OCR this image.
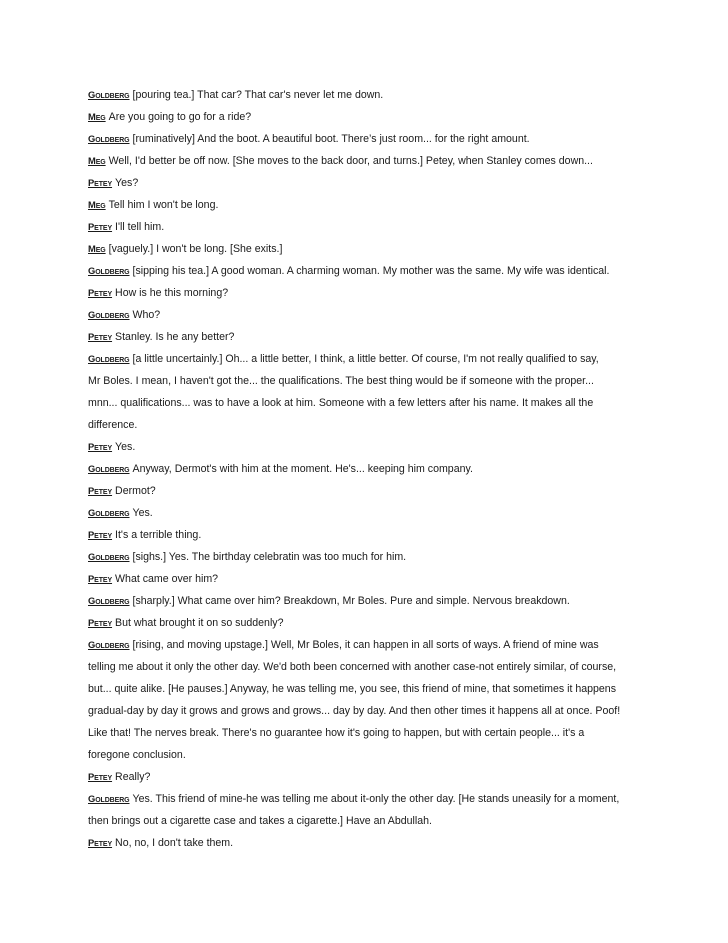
Goldberg [pouring tea.] That car? That car's never let me down.
Meg Are you going to go for a ride?
Goldberg [ruminatively] And the boot. A beautiful boot. There’s just room... for the right amount.
Meg Well, I'd better be off now. [She moves to the back door, and turns.] Petey, when Stanley comes down...
Petey Yes?
Meg Tell him I won't be long.
Petey I'll tell him.
Meg [vaguely.] I won't be long. [She exits.]
Goldberg [sipping his tea.] A good woman. A charming woman. My mother was the same. My wife was identical.
Petey How is he this morning?
Goldberg Who?
Petey Stanley. Is he any better?
Goldberg [a little uncertainly.] Oh... a little better, I think, a little better. Of course, I'm not really qualified to say,
Mr Boles. I mean, I haven't got the... the qualifications. The best thing would be if someone with the proper...
mnn... qualifications... was to have a look at him. Someone with a few letters after his name. It makes all the
difference.
Petey Yes.
Goldberg Anyway, Dermot's with him at the moment. He's... keeping him company.
Petey Dermot?
Goldberg Yes.
Petey It's a terrible thing.
Goldberg [sighs.] Yes. The birthday celebratin was too much for him.
Petey What came over him?
Goldberg [sharply.] What came over him? Breakdown, Mr Boles. Pure and simple. Nervous breakdown.
Petey But what brought it on so suddenly?
Goldberg [rising, and moving upstage.] Well, Mr Boles, it can happen in all sorts of ways. A friend of mine was
telling me about it only the other day. We'd both been concerned with another case-not entirely similar, of course,
but... quite alike. [He pauses.] Anyway, he was telling me, you see, this friend of mine, that sometimes it happens
gradual-day by day it grows and grows and grows... day by day. And then other times it happens all at once. Poof!
Like that! The nerves break. There's no guarantee how it's going to happen, but with certain people... it's a
foregone conclusion.
Petey Really?
Goldberg Yes. This friend of mine-he was telling me about it-only the other day. [He stands uneasily for a moment,
then brings out a cigarette case and takes a cigarette.] Have an Abdullah.
Petey No, no, I don't take them.
